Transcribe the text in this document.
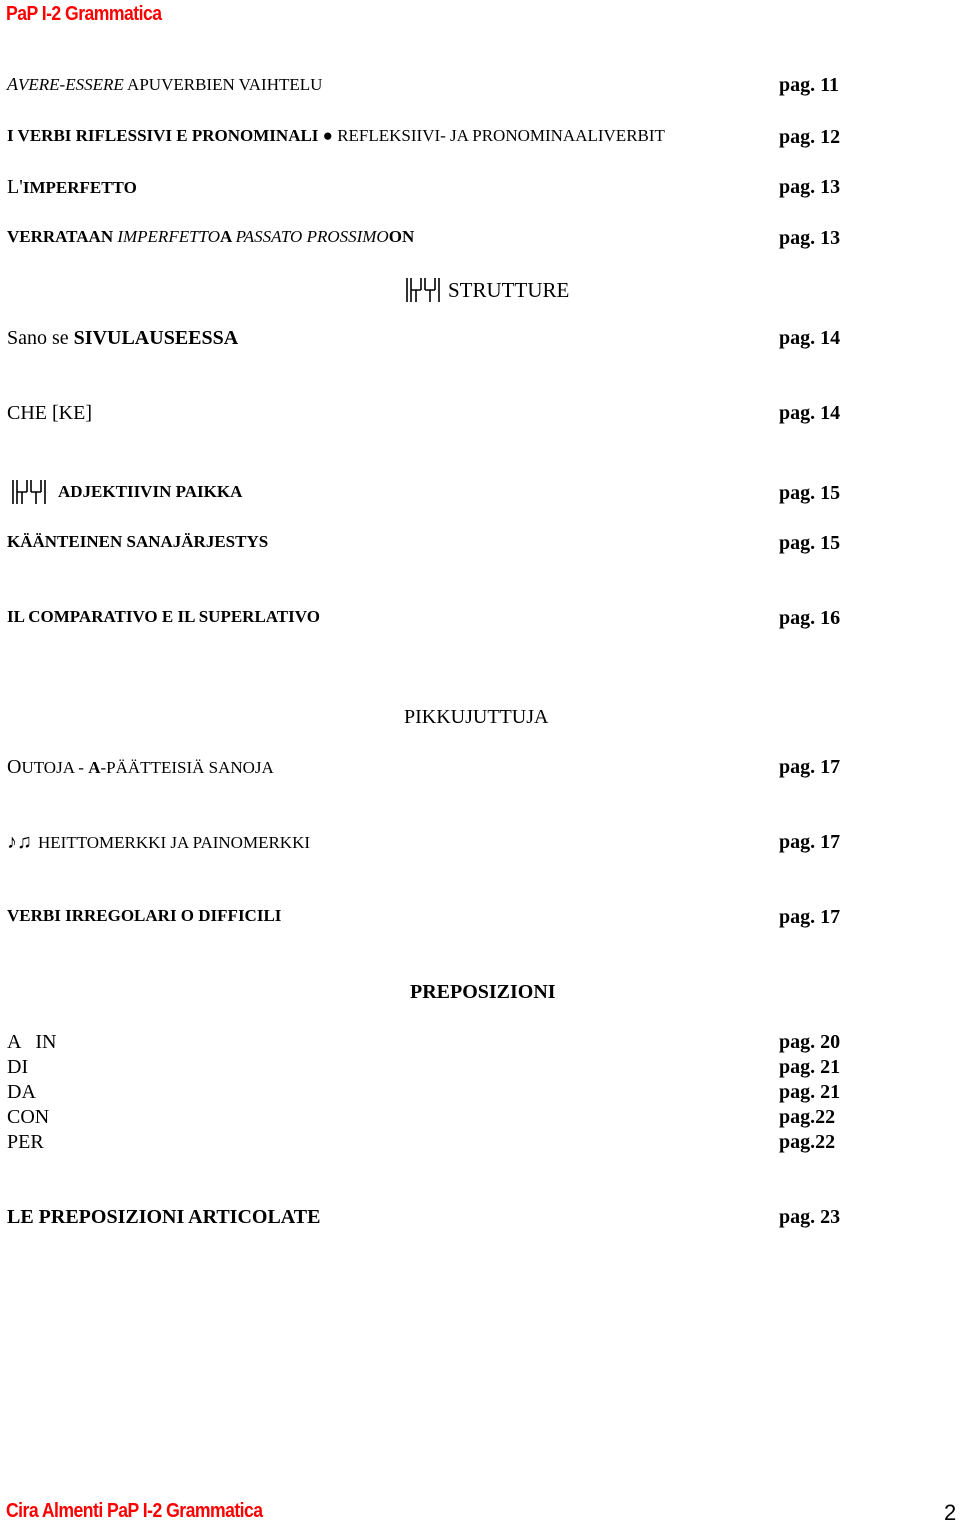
PaP I-2 Grammatica
AVERE-ESSERE APUVERBIEN VAIHTELU	pag. 11
I VERBI RIFLESSIVI E PRONOMINALI ● REFLEKSIIVI- JA PRONOMINAALIVERBIT	pag. 12
L'IMPERFETTO	pag. 13
VERRATAAN IMPERFETTOA PASSATO PROSSIMOON	pag. 13
STRUTTURE
Sano se SIVULAUSEESSA	pag. 14
CHE [KE]	pag. 14
ADJEKTIIVIN PAIKKA	pag. 15
KÄÄNTEINEN SANAJÄRJESTYS	pag. 15
IL COMPARATIVO E IL SUPERLATIVO	pag. 16
PIKKUJUTTUJA
OUTOJA - A-PÄÄTTEISIÄ SANOJA	pag. 17
♪♫ HEITTOMERKKI JA PAINOMERKKI	pag. 17
VERBI IRREGOLARI O DIFFICILI	pag. 17
PREPOSIZIONI
A   IN	pag. 20
DI	pag. 21
DA	pag. 21
CON	pag.22
PER	pag.22
LE PREPOSIZIONI ARTICOLATE	pag. 23
Cira Almenti PaP I-2 Grammatica	2
